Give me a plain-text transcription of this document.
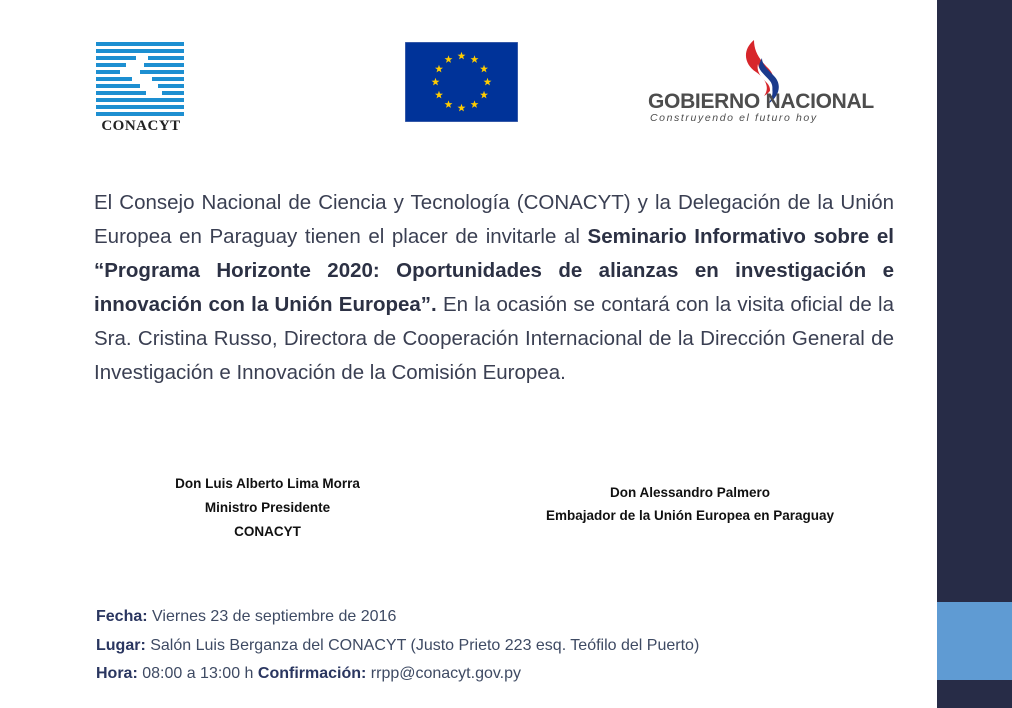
CONACYT
GOBIERNO NACIONAL
Construyendo el futuro hoy

El Consejo Nacional de Ciencia y Tecnología (CONACYT) y la Delegación de la Unión Europea en Paraguay tienen el placer de invitarle al Seminario Informativo sobre el “Programa Horizonte 2020: Oportunidades de alianzas en investigación e innovación con la Unión Europea”. En la ocasión se contará con la visita oficial de la Sra. Cristina Russo, Directora de Cooperación Internacional de la Dirección General de Investigación e Innovación de la Comisión Europea.

Don Luis Alberto Lima Morra
Ministro Presidente
CONACYT
Don Alessandro Palmero
Embajador de la Unión Europea en Paraguay
Fecha: Viernes 23 de septiembre de 2016
Lugar: Salón Luis Berganza del CONACYT (Justo Prieto 223 esq. Teófilo del Puerto)
Hora: 08:00 a 13:00 h Confirmación: rrpp@conacyt.gov.py
